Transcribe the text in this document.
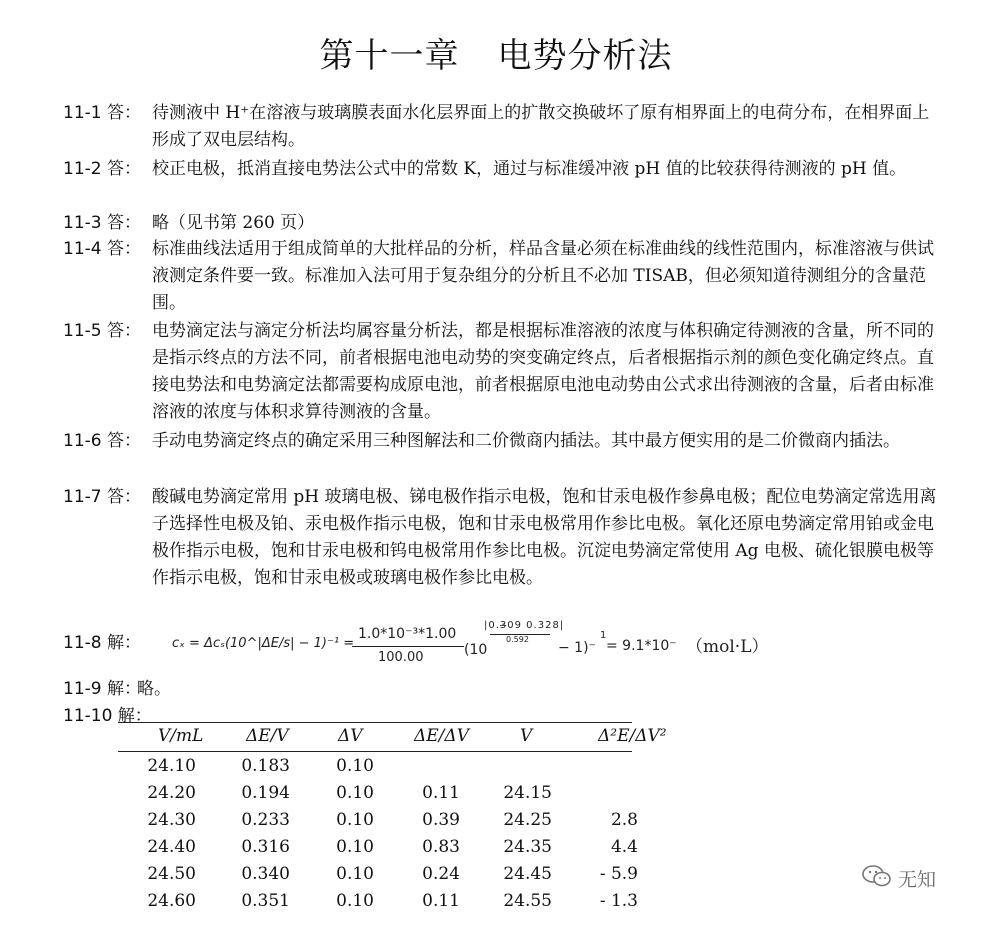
第十一章 电势分析法
11-1 答： 待测液中 H⁺在溶液与玻璃膜表面水化层界面上的扩散交换破坏了原有相界面上的电荷分布，在相界面上形成了双电层结构。
11-2 答： 校正电极，抵消直接电势法公式中的常数 K，通过与标准缓冲液 pH 值的比较获得待测液的 pH 值。
11-3 答： 略（见书第 260 页）
11-4 答： 标准曲线法适用于组成简单的大批样品的分析，样品含量必须在标准曲线的线性范围内，标准溶液与供试液测定条件要一致。标准加入法可用于复杂组分的分析且不必加 TISAB，但必须知道待测组分的含量范围。
11-5 答： 电势滴定法与滴定分析法均属容量分析法，都是根据标准溶液的浓度与体积确定待测液的含量，所不同的是指示终点的方法不同，前者根据电池电动势的突变确定终点，后者根据指示剂的颜色变化确定终点。直接电势法和电势滴定法都需要构成原电池，前者根据原电池电动势由公式求出待测液的含量，后者由标准溶液的浓度与体积求算待测液的含量。
11-6 答： 手动电势滴定终点的确定采用三种图解法和二价微商内插法。其中最方便实用的是二价微商内插法。
11-7 答： 酸碱电势滴定常用 pH 玻璃电极、锑电极作指示电极，饱和甘汞电极作参鼻电极；配位电势滴定常选用离子选择性电极及铂、汞电极作指示电极，饱和甘汞电极常用作参比电极。氧化还原电势滴定常用铂或金电极作指示电极，饱和甘汞电极和钨电极常用作参比电极。沉淀电势滴定常使用 Ag 电极、硫化银膜电极等作指示电极，饱和甘汞电极或玻璃电极作参比电极。
11-8 解： cₓ = Δcₛ(10^|ΔE/s| − 1)⁻¹ =
1.0*10⁻³*1.00
100.00	(10
|0.3̶09 0.328|
0.592
− 1)⁻
1
= 9.1*10⁻ （mol·L）
11-9 解：
略。
11-10 解：
V/mL	ΔE/V	ΔV	ΔE/ΔV	V	Δ²E/ΔV²
24.10	0.183	0.10
24.20	0.194	0.10	0.11	24.15
24.30	0.233	0.10	0.39	24.25	2.8
24.40	0.316	0.10	0.83	24.35	4.4
24.50	0.340	0.10	0.24	24.45	- 5.9
24.60	0.351	0.10	0.11	24.55	- 1.3
无知
